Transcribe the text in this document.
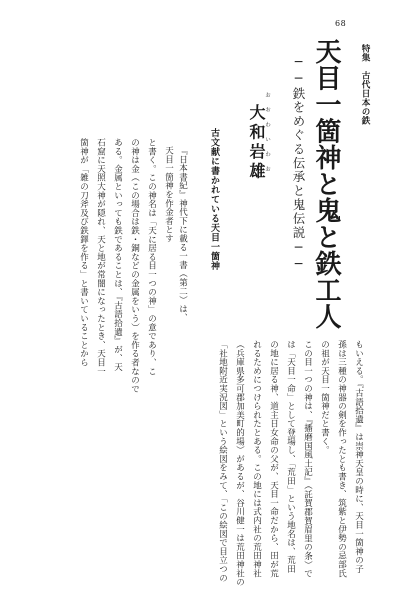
68
特集　古代日本の鉄
天目一箇神と鬼と鉄工人
──鉄をめぐる伝承と鬼伝説──
おおわいわお
大和岩雄
古文献に書かれている天目一箇神
『日本書紀』神代下に載る一書（第二）は、
天目一箇神を作金者とす
と書く。この神名は「天に居る目一つの神」の意であり、こ
の神は金（この場合は鉄・銅などの金属をいう）を作る者なので
ある。金属といっても鉄であることは、『古語拾遺』が、天
石窟に天照大神が隠れ、天と地が常闇になったとき、天目一
箇神が「雑の刀斧及び鉄鐸を作る」と書いていることから
もいえる。『古語拾遺』は崇神天皇の時に、天目一箇神の子
孫は三種の神器の剣を作ったとも書き、筑紫と伊勢の忌部氏
の祖が天目一箇神だと書く。
この目一つの神は、『播磨国風土記』（託賀郡賀眉里の条）で
は「天目一命」として登場し、「荒田」という地名は、荒田
の地に居る神、道主日女命の父が、天目一命だから、田が荒
れるためにつけられたとある。この地には式内社の荒田神社
（兵庫県多可郡加美町的場）があるが、谷川健一は荒田神社の
「社地附近実況図」という絵図をみて、「この絵図で目立つの
